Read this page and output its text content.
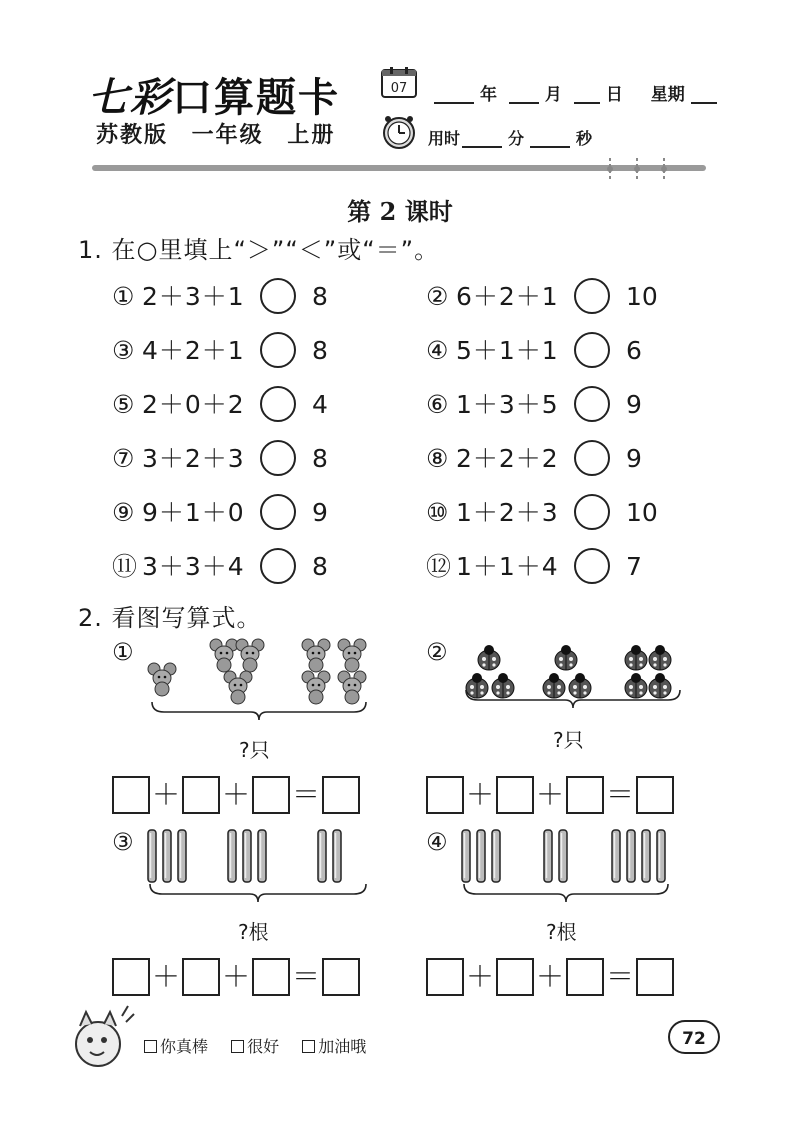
七彩口算题卡
苏教版 一年级 上册
07	年	月	日 星期
用时	分	秒
第 2 课时
1. 在○里填上“＞”“＜”或“＝”。
① 2＋3＋1	8	② 6＋2＋1	10
③ 4＋2＋1	8	④ 5＋1＋1	6
⑤ 2＋0＋2	4	⑥ 1＋3＋5	9
⑦ 3＋2＋3	8	⑧ 2＋2＋2	9
⑨ 9＋1＋0	9	⑩ 1＋2＋3	10
⑪ 3＋3＋4	8	⑫ 1＋1＋4	7
2. 看图写算式。
①
?只
＋ ＋ ＝
②
?只
＋ ＋ ＝
③
?根
＋ ＋ ＝
④
?根
＋ ＋ ＝
你真棒 很好 加油哦	72
